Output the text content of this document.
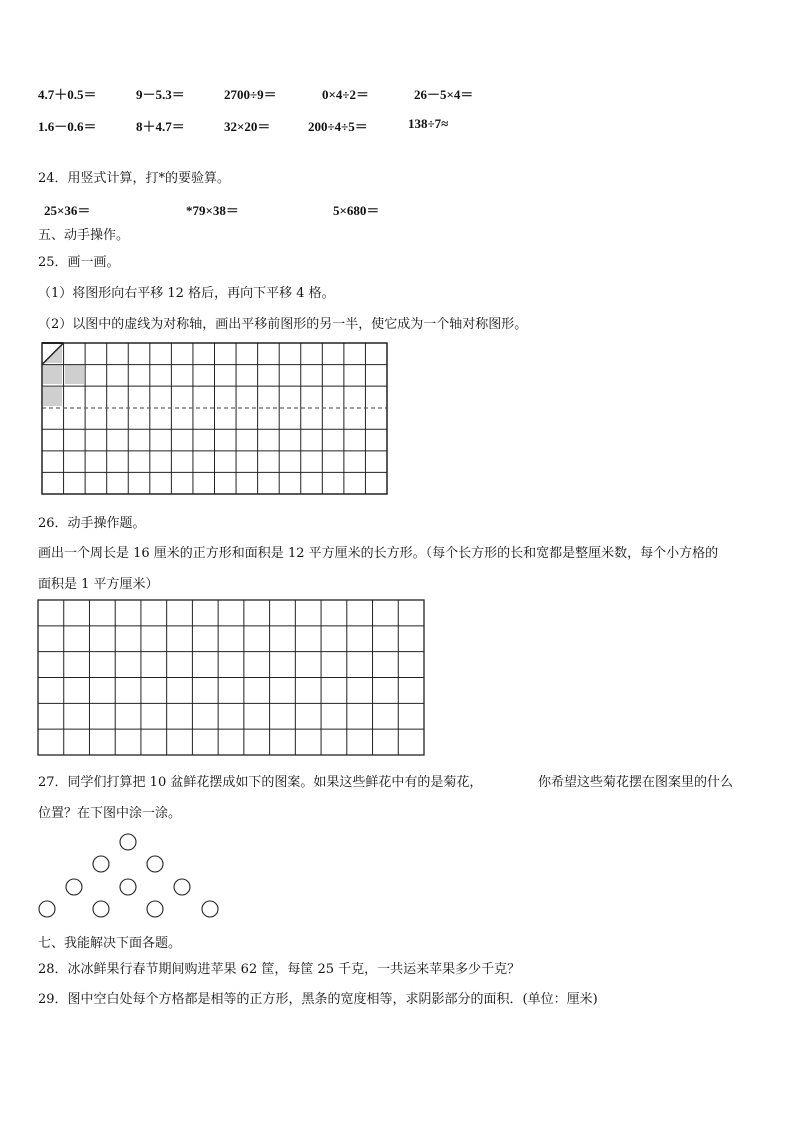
4.7＋0.5＝	9－5.3＝	2700÷9＝	0×4÷2＝	26－5×4＝
1.6－0.6＝	8＋4.7＝	32×20＝	200÷4÷5＝	138÷7≈
24．用竖式计算，打*的要验算。
25×36＝	*79×38＝	5×680＝
五、动手操作。
25．画一画。
（1）将图形向右平移 12 格后，再向下平移 4 格。
（2）以图中的虚线为对称轴，画出平移前图形的另一半，使它成为一个轴对称图形。
26．动手操作题。
画出一个周长是 16 厘米的正方形和面积是 12 平方厘米的长方形。（每个长方形的长和宽都是整厘米数，每个小方格的
面积是 1 平方厘米）
27．同学们打算把 10 盆鲜花摆成如下的图案。如果这些鲜花中有的是菊花，	你希望这些菊花摆在图案里的什么
位置？在下图中涂一涂。
七、我能解决下面各题。
28．冰冰鲜果行春节期间购进苹果 62 筐，每筐 25 千克，一共运来苹果多少千克？
29．图中空白处每个方格都是相等的正方形，黑条的宽度相等，求阴影部分的面积．(单位：厘米)
